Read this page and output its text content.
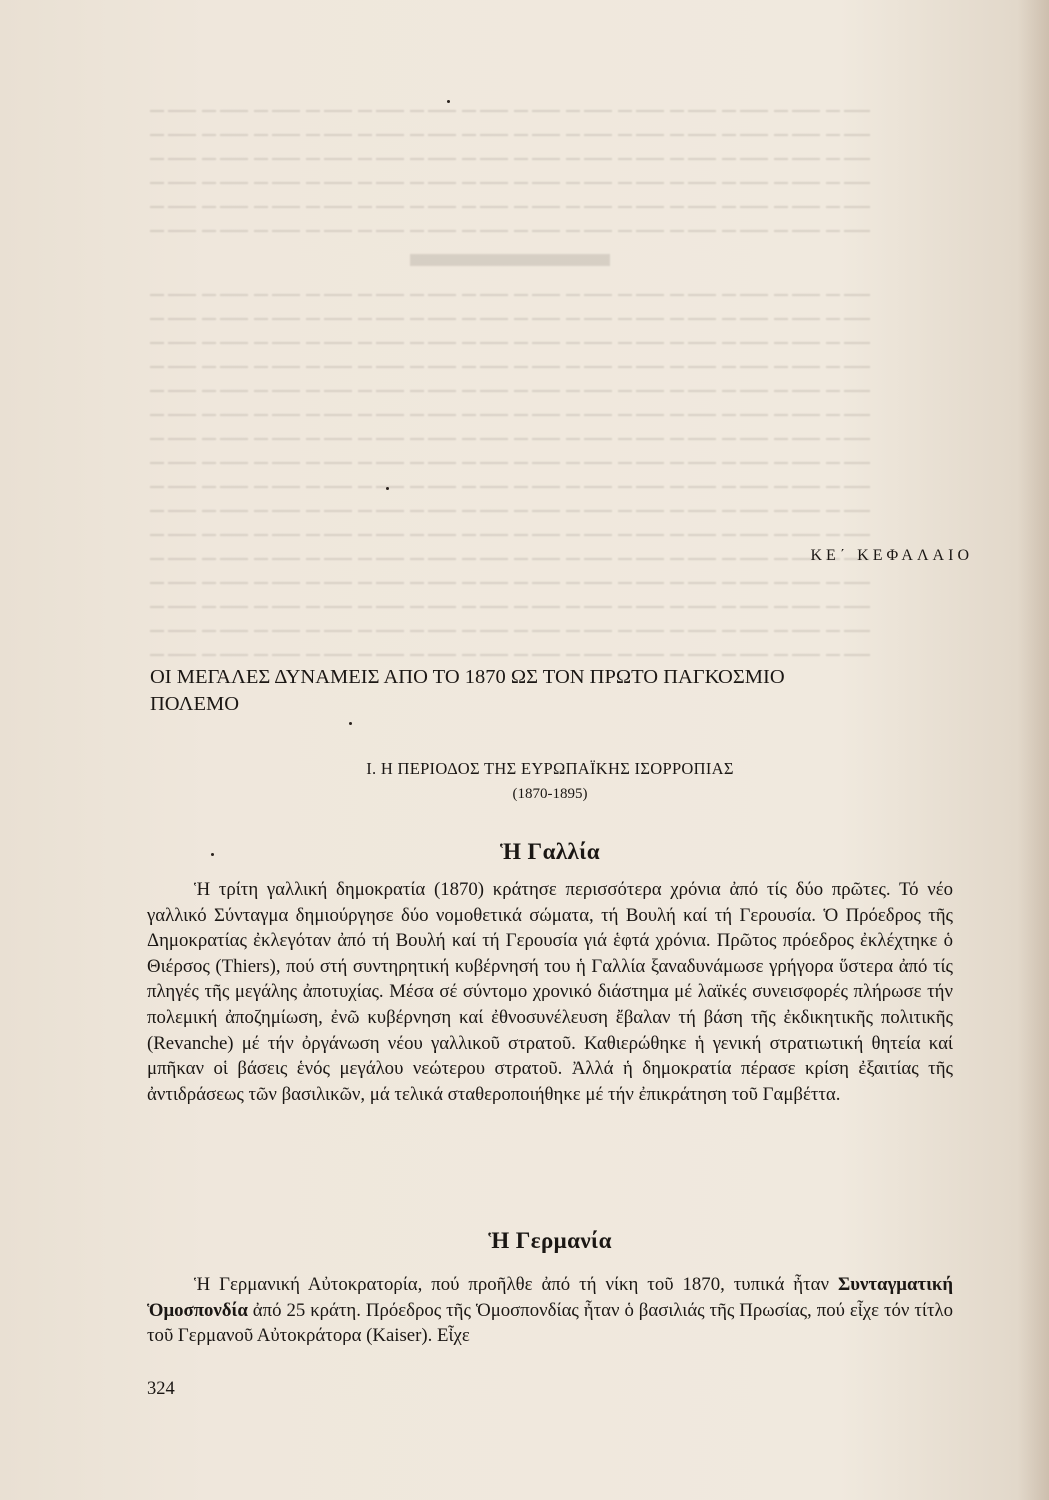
ΚΕ΄ ΚΕΦΑΛΑΙΟ
ΟΙ ΜΕΓΑΛΕΣ ΔΥΝΑΜΕΙΣ ΑΠΟ ΤΟ 1870 ΩΣ ΤΟΝ ΠΡΩΤΟ ΠΑΓΚΟΣΜΙΟ ΠΟΛΕΜΟ
Ι. Η ΠΕΡΙΟΔΟΣ ΤΗΣ ΕΥΡΩΠΑΪΚΗΣ ΙΣΟΡΡΟΠΙΑΣ
(1870-1895)
Ἡ Γαλλία

Ἡ τρίτη γαλλική δημοκρατία (1870) κράτησε περισσότερα χρόνια ἀπό τίς δύο πρῶτες. Τό νέο γαλλικό Σύνταγμα δημιούργησε δύο νομοθετικά σώματα, τή Βουλή καί τή Γερουσία. Ὁ Πρόεδρος τῆς Δημοκρατίας ἐκλεγόταν ἀπό τή Βουλή καί τή Γερουσία γιά ἑφτά χρόνια. Πρῶτος πρόεδρος ἐκλέχτηκε ὁ Θιέρσος (Thiers), πού στή συντηρητική κυβέρνησή του ἡ Γαλλία ξαναδυνάμωσε γρήγορα ὕστερα ἀπό τίς πληγές τῆς μεγάλης ἀποτυχίας. Μέσα σέ σύντομο χρονικό διάστημα μέ λαϊκές συνεισφορές πλήρωσε τήν πολεμική ἀποζημίωση, ἐνῶ κυβέρνηση καί ἐθνοσυνέλευση ἔβαλαν τή βάση τῆς ἐκδικητικῆς πολιτικῆς (Revanche) μέ τήν ὀργάνωση νέου γαλλικοῦ στρατοῦ. Καθιερώθηκε ἡ γενική στρατιωτική θητεία καί μπῆκαν οἱ βάσεις ἑνός μεγάλου νεώτερου στρατοῦ. Ἀλλά ἡ δημοκρατία πέρασε κρίση ἐξαιτίας τῆς ἀντιδράσεως τῶν βασιλικῶν, μά τελικά σταθεροποιήθηκε μέ τήν ἐπικράτηση τοῦ Γαμβέττα.

Ἡ Γερμανία

Ἡ Γερμανική Αὐτοκρατορία, πού προῆλθε ἀπό τή νίκη τοῦ 1870, τυπικά ἦταν Συνταγματική Ὁμοσπονδία ἀπό 25 κράτη. Πρόεδρος τῆς Ὁμοσπονδίας ἦταν ὁ βασιλιάς τῆς Πρωσίας, πού εἶχε τόν τίτλο τοῦ Γερμανοῦ Αὐτοκράτορα (Kaiser). Εἶχε

324
